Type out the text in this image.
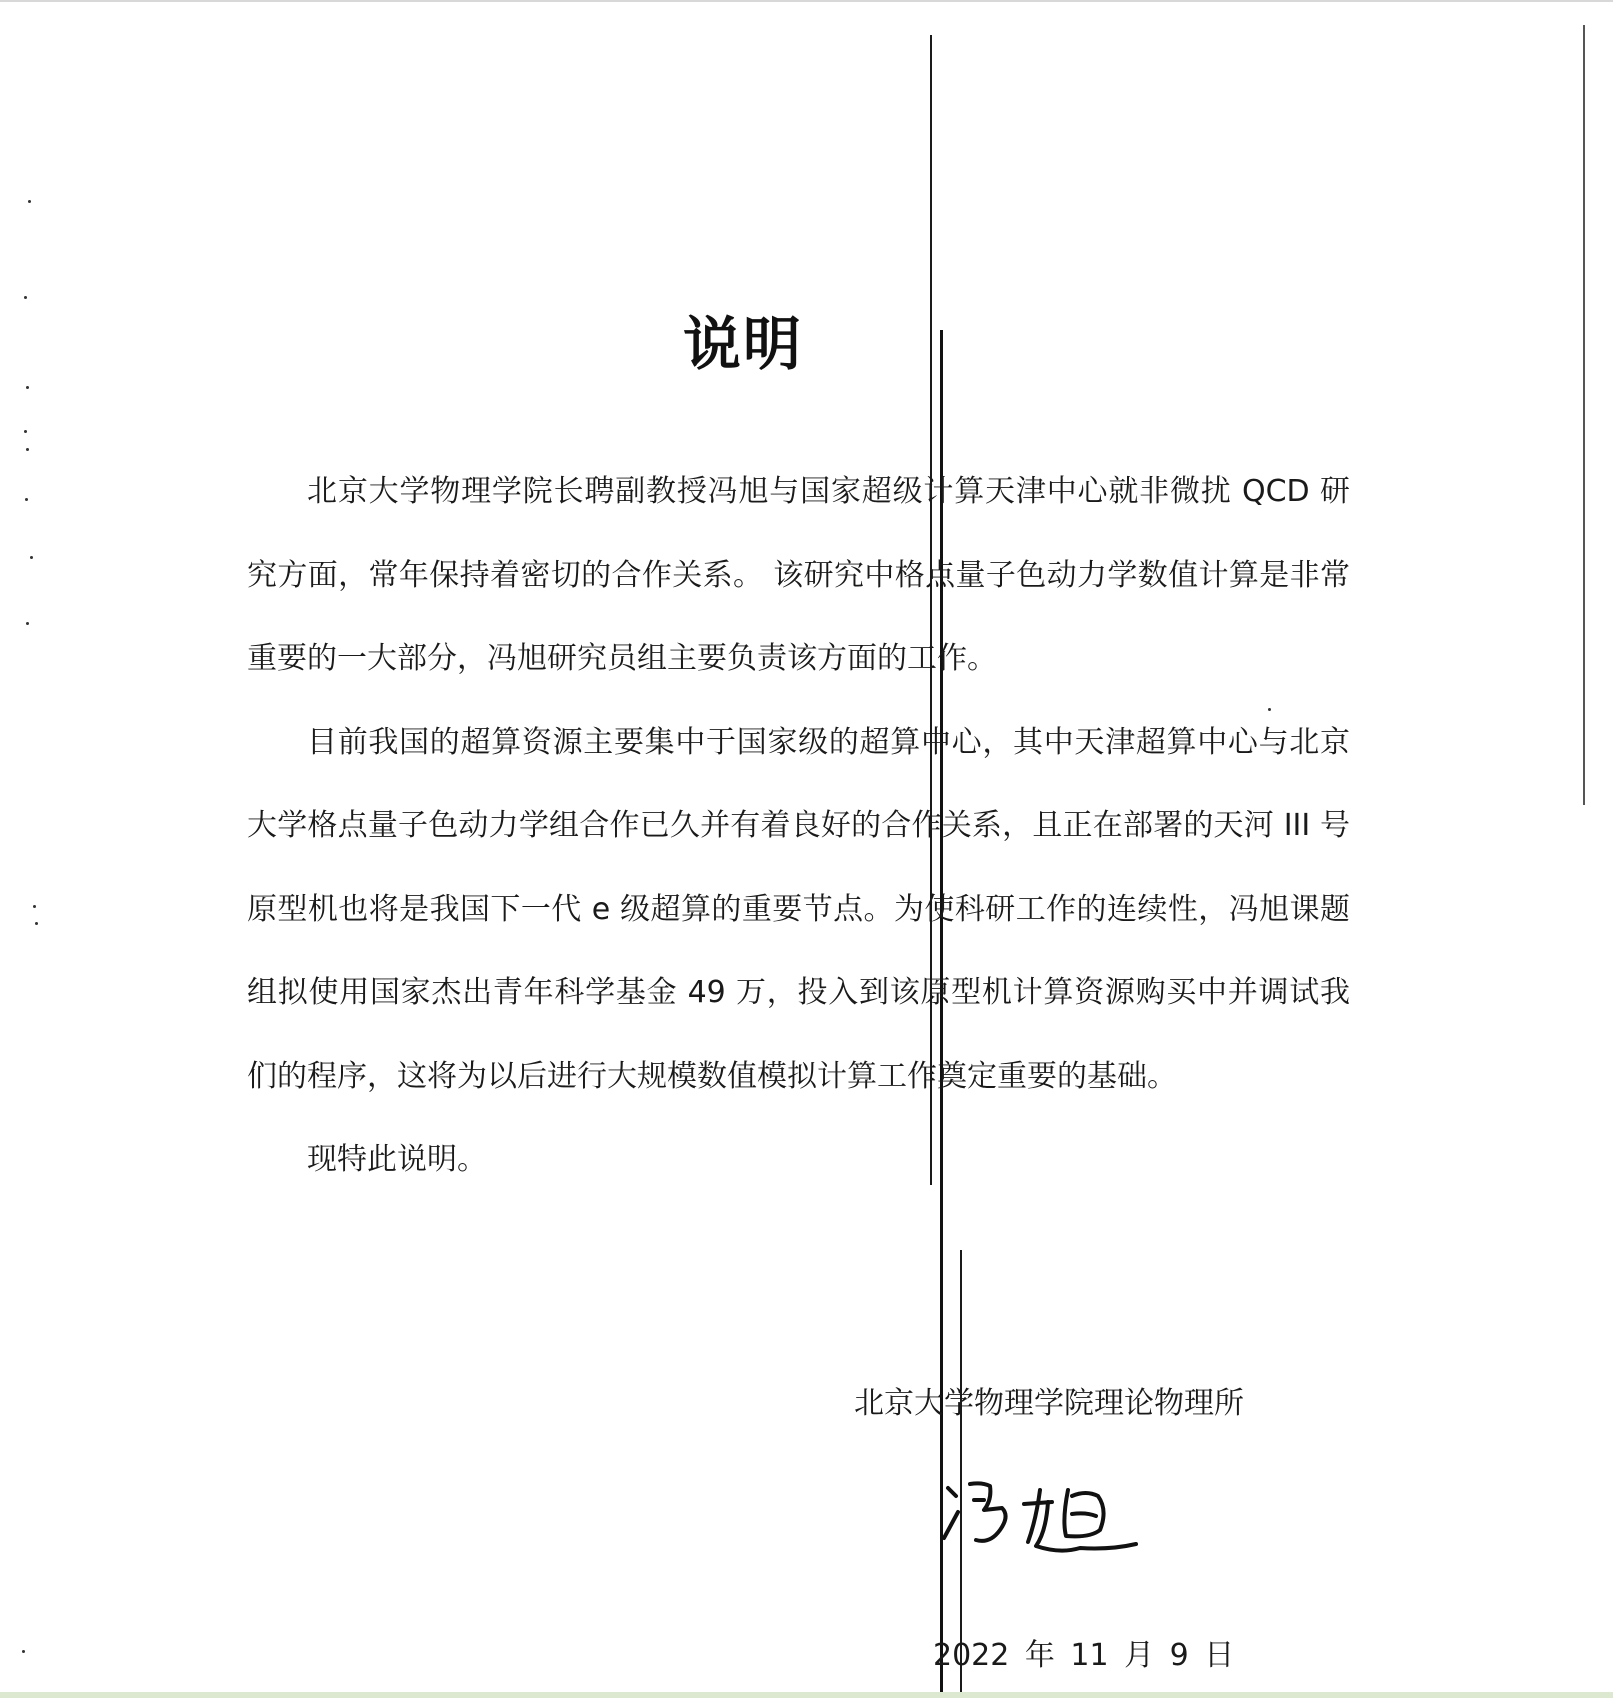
说明

北京大学物理学院长聘副教授冯旭与国家超级计算天津中心就非微扰 QCD 研究方面，常年保持着密切的合作关系。 该研究中格点量子色动力学数值计算是非常重要的一大部分，冯旭研究员组主要负责该方面的工作。

目前我国的超算资源主要集中于国家级的超算中心，其中天津超算中心与北京大学格点量子色动力学组合作已久并有着良好的合作关系，且正在部署的天河 III 号原型机也将是我国下一代 e 级超算的重要节点。为使科研工作的连续性，冯旭课题组拟使用国家杰出青年科学基金 49 万，投入到该原型机计算资源购买中并调试我们的程序，这将为以后进行大规模数值模拟计算工作奠定重要的基础。

现特此说明。

北京大学物理学院理论物理所
2022 年 11 月 9 日
